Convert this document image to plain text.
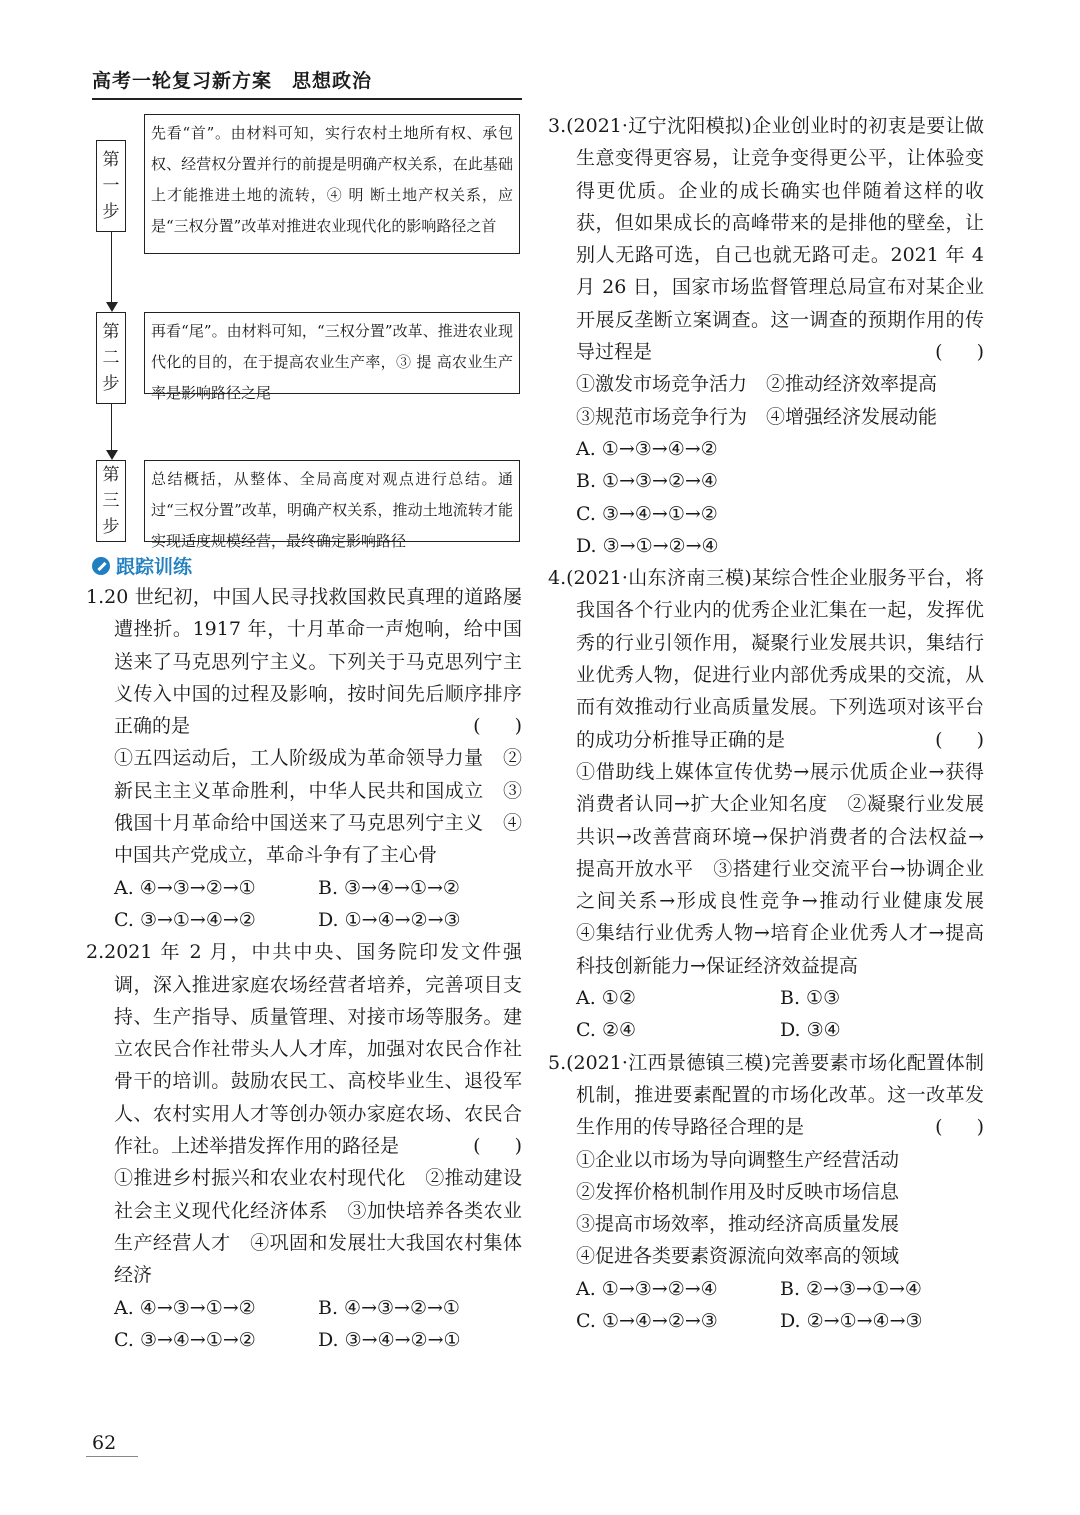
高考一轮复习新方案　思想政治
第
一
步
先看“首”。由材料可知，实行农村土地所有权、承包权、经营权分置并行的前提是明确产权关系，在此基础上才能推进土地的流转，④ 明 断土地产权关系，应是“三权分置”改革对推进农业现代化的影响路径之首
第
二
步
再看“尾”。由材料可知，“三权分置”改革、推进农业现代化的目的，在于提高农业生产率，③ 提 高农业生产率是影响路径之尾
第
三
步
总结概括，从整体、全局高度对观点进行总结。通过“三权分置”改革，明确产权关系，推动土地流转才能实现适度规模经营，最终确定影响路径
跟踪训练
1.20 世纪初，中国人民寻找救国救民真理的道路屡遭挫折。1917 年，十月革命一声炮响，给中国送来了马克思列宁主义。下列关于马克思列宁主义传入中国的过程及影响，按时间先后顺序排序正确的是	( )
①五四运动后，工人阶级成为革命领导力量　②新民主主义革命胜利，中华人民共和国成立　③俄国十月革命给中国送来了马克思列宁主义　④中国共产党成立，革命斗争有了主心骨
A. ④→③→②→①	B. ③→④→①→②
C. ③→①→④→②	D. ①→④→②→③
2.2021 年 2 月，中共中央、国务院印发文件强调，深入推进家庭农场经营者培养，完善项目支持、生产指导、质量管理、对接市场等服务。建立农民合作社带头人人才库，加强对农民合作社骨干的培训。鼓励农民工、高校毕业生、退役军人、农村实用人才等创办领办家庭农场、农民合作社。上述举措发挥作用的路径是	( )
①推进乡村振兴和农业农村现代化　②推动建设社会主义现代化经济体系　③加快培养各类农业生产经营人才　④巩固和发展壮大我国农村集体经济
A. ④→③→①→②	B. ④→③→②→①
C. ③→④→①→②	D. ③→④→②→①
3.(2021·辽宁沈阳模拟)企业创业时的初衷是要让做生意变得更容易，让竞争变得更公平，让体验变得更优质。企业的成长确实也伴随着这样的收获，但如果成长的高峰带来的是排他的壁垒，让别人无路可选，自己也就无路可走。2021 年 4 月 26 日，国家市场监督管理总局宣布对某企业开展反垄断立案调查。这一调查的预期作用的传导过程是	( )
①激发市场竞争活力　②推动经济效率提高
③规范市场竞争行为　④增强经济发展动能
A. ①→③→④→②
B. ①→③→②→④
C. ③→④→①→②
D. ③→①→②→④
4.(2021·山东济南三模)某综合性企业服务平台，将我国各个行业内的优秀企业汇集在一起，发挥优秀的行业引领作用，凝聚行业发展共识，集结行业优秀人物，促进行业内部优秀成果的交流，从而有效推动行业高质量发展。下列选项对该平台的成功分析推导正确的是	( )
①借助线上媒体宣传优势→展示优质企业→获得消费者认同→扩大企业知名度　②凝聚行业发展共识→改善营商环境→保护消费者的合法权益→提高开放水平　③搭建行业交流平台→协调企业之间关系→形成良性竞争→推动行业健康发展　④集结行业优秀人物→培育企业优秀人才→提高科技创新能力→保证经济效益提高
A. ①②	B. ①③
C. ②④	D. ③④
5.(2021·江西景德镇三模)完善要素市场化配置体制机制，推进要素配置的市场化改革。这一改革发生作用的传导路径合理的是	( )
①企业以市场为导向调整生产经营活动
②发挥价格机制作用及时反映市场信息
③提高市场效率，推动经济高质量发展
④促进各类要素资源流向效率高的领域
A. ①→③→②→④	B. ②→③→①→④
C. ①→④→②→③	D. ②→①→④→③
62
